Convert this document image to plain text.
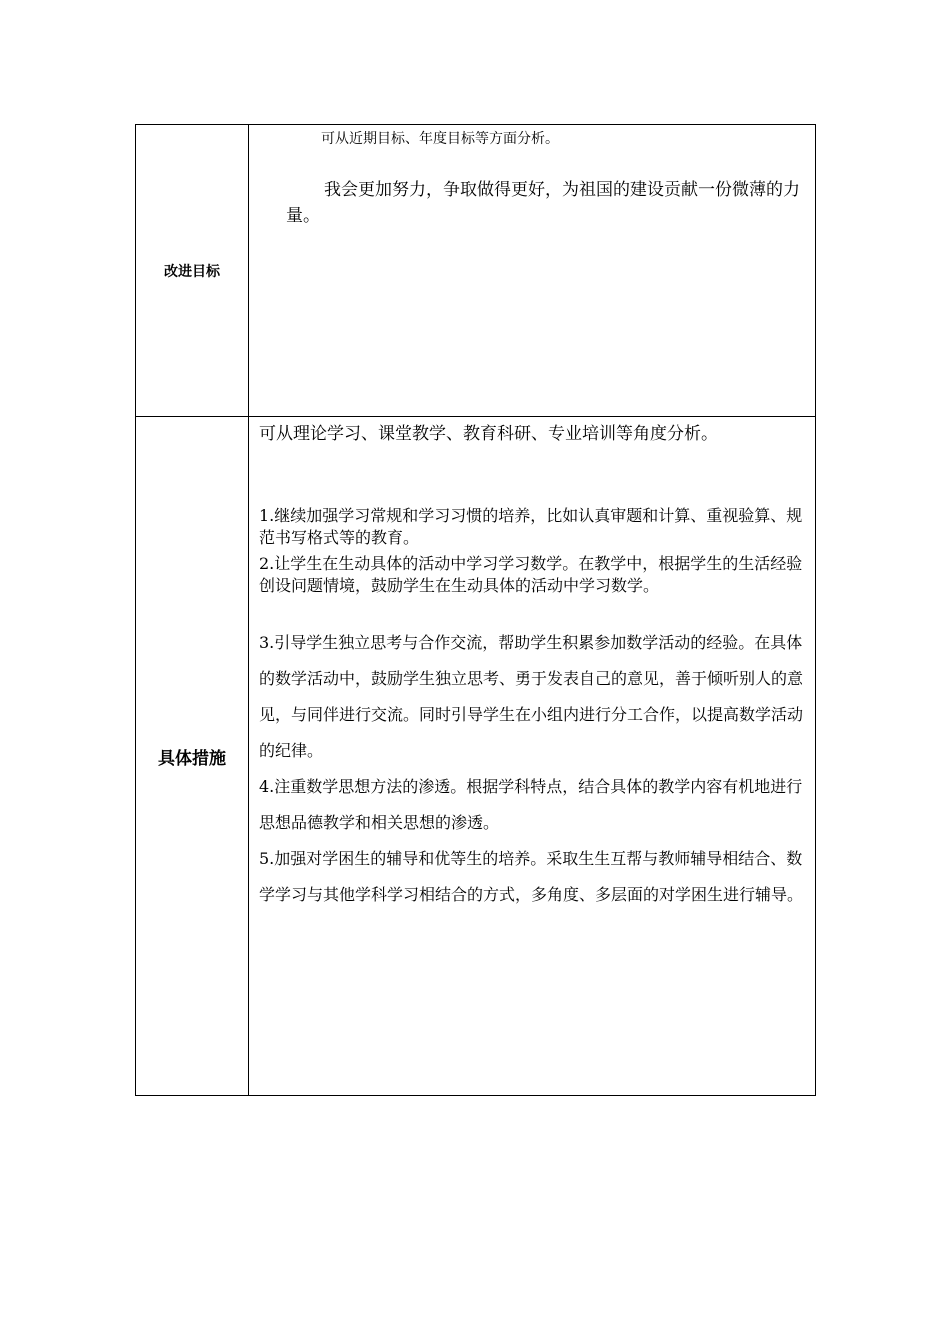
改进目标
可从近期目标、年度目标等方面分析。
我会更加努力，争取做得更好，为祖国的建设贡献一份微薄的力量。
具体措施
可从理论学习、课堂教学、教育科研、专业培训等角度分析。
1.继续加强学习常规和学习习惯的培养，比如认真审题和计算、重视验算、规范书写格式等的教育。
2.让学生在生动具体的活动中学习学习数学。在教学中，根据学生的生活经验创设问题情境，鼓励学生在生动具体的活动中学习数学。
3.引导学生独立思考与合作交流，帮助学生积累参加数学活动的经验。在具体的数学活动中，鼓励学生独立思考、勇于发表自己的意见，善于倾听别人的意见，与同伴进行交流。同时引导学生在小组内进行分工合作，以提高数学活动的纪律。
4.注重数学思想方法的渗透。根据学科特点，结合具体的教学内容有机地进行思想品德教学和相关思想的渗透。
5.加强对学困生的辅导和优等生的培养。采取生生互帮与教师辅导相结合、数学学习与其他学科学习相结合的方式，多角度、多层面的对学困生进行辅导。
